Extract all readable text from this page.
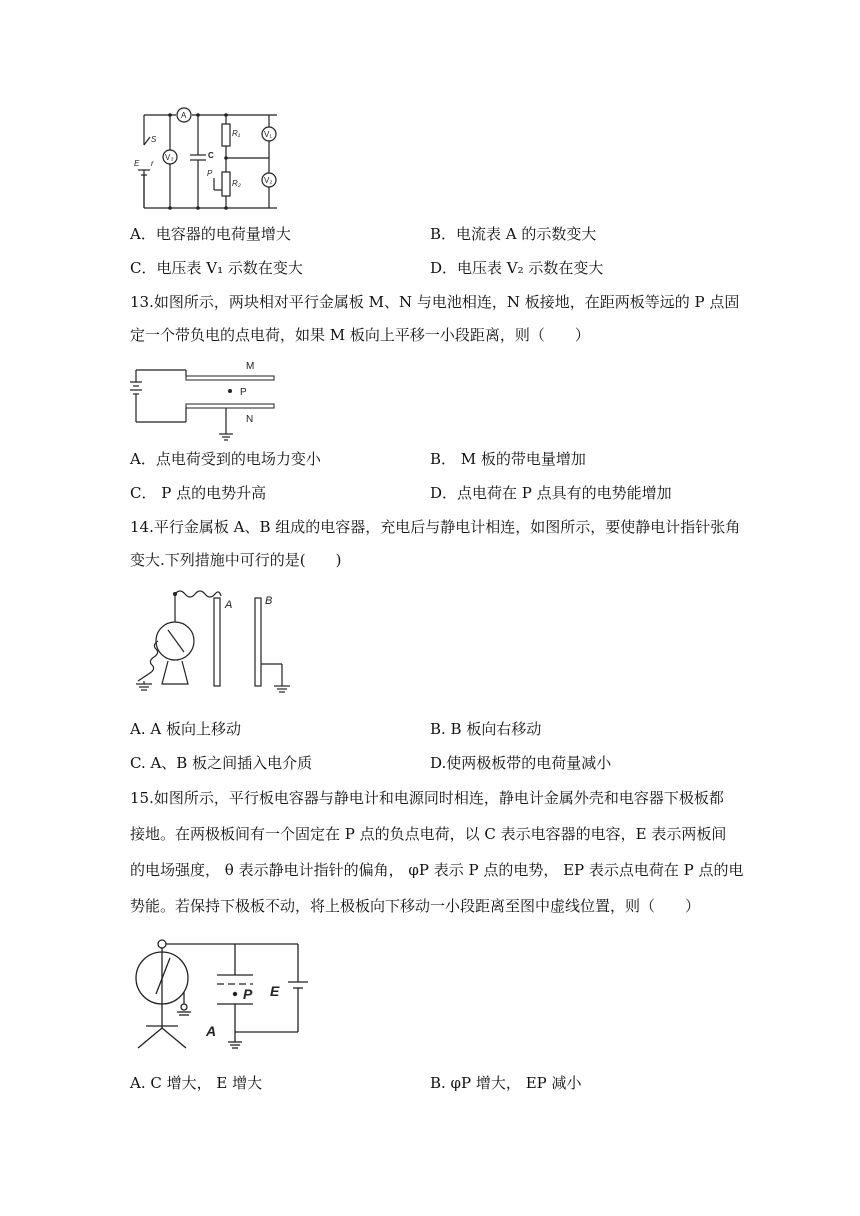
A
S
E r
V₃	C
R₁
R₂
P
V₁
V₂
A．电容器的电荷量增大	B．电流表 A 的示数变大
C．电压表 V₁ 示数在变大	D．电压表 V₂ 示数在变大
13.如图所示，两块相对平行金属板 M、N 与电池相连，N 板接地，在距两板等远的 P 点固
定一个带负电的点电荷，如果 M 板向上平移一小段距离，则（　　）
M
P
N
A．点电荷受到的电场力变小	B． M 板的带电量增加
C． P 点的电势升高	D．点电荷在 P 点具有的电势能增加
14.平行金属板 A、B 组成的电容器，充电后与静电计相连，如图所示，要使静电计指针张角
变大.下列措施中可行的是(　　)
A	B
A. A 板向上移动	B. B 板向右移动
C. A、B 板之间插入电介质	D.使两极板带的电荷量减小
15.如图所示，平行板电容器与静电计和电源同时相连，静电计金属外壳和电容器下极板都
接地。在两极板间有一个固定在 P 点的负点电荷，以 C 表示电容器的电容，E 表示两板间
的电场强度， θ 表示静电计指针的偏角， φP 表示 P 点的电势， EP 表示点电荷在 P 点的电
势能。若保持下极板不动，将上极板向下移动一小段距离至图中虚线位置，则（　　）
P E
A
A. C 增大， E 增大	B. φP 增大， EP 减小
